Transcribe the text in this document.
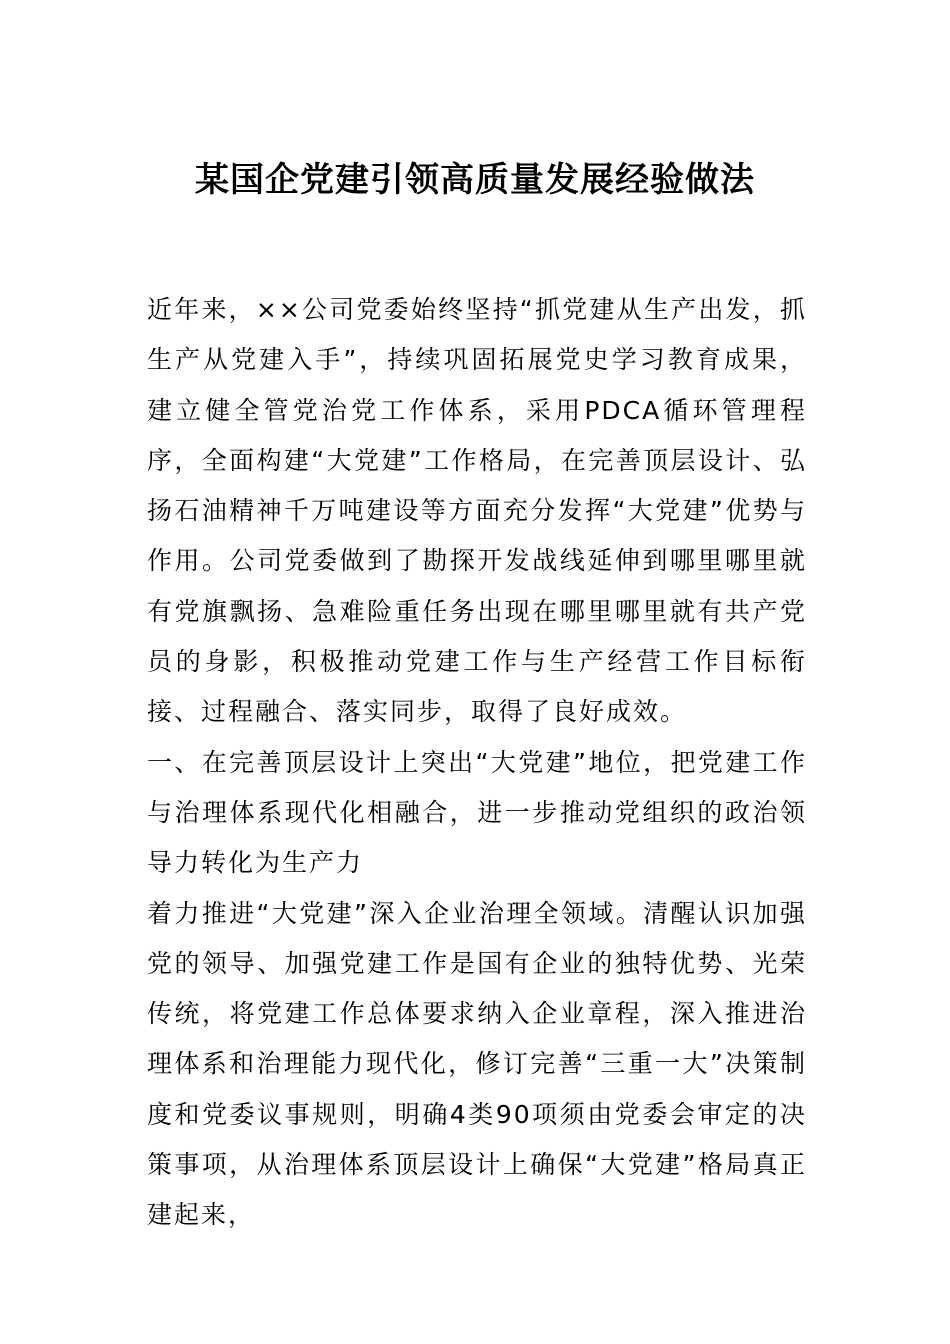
某国企党建引领高质量发展经验做法

近年来，××公司党委始终坚持“抓党建从生产出发，抓生产从党建入手”，持续巩固拓展党史学习教育成果，建立健全管党治党工作体系，采用PDCA循环管理程序，全面构建“大党建”工作格局，在完善顶层设计、弘扬石油精神千万吨建设等方面充分发挥“大党建”优势与作用。公司党委做到了勘探开发战线延伸到哪里哪里就有党旗飘扬、急难险重任务出现在哪里哪里就有共产党员的身影，积极推动党建工作与生产经营工作目标衔接、过程融合、落实同步，取得了良好成效。

一、在完善顶层设计上突出“大党建”地位，把党建工作与治理体系现代化相融合，进一步推动党组织的政治领导力转化为生产力

着力推进“大党建”深入企业治理全领域。清醒认识加强党的领导、加强党建工作是国有企业的独特优势、光荣传统，将党建工作总体要求纳入企业章程，深入推进治理体系和治理能力现代化，修订完善“三重一大”决策制度和党委议事规则，明确4类90项须由党委会审定的决策事项，从治理体系顶层设计上确保“大党建”格局真正建起来，
